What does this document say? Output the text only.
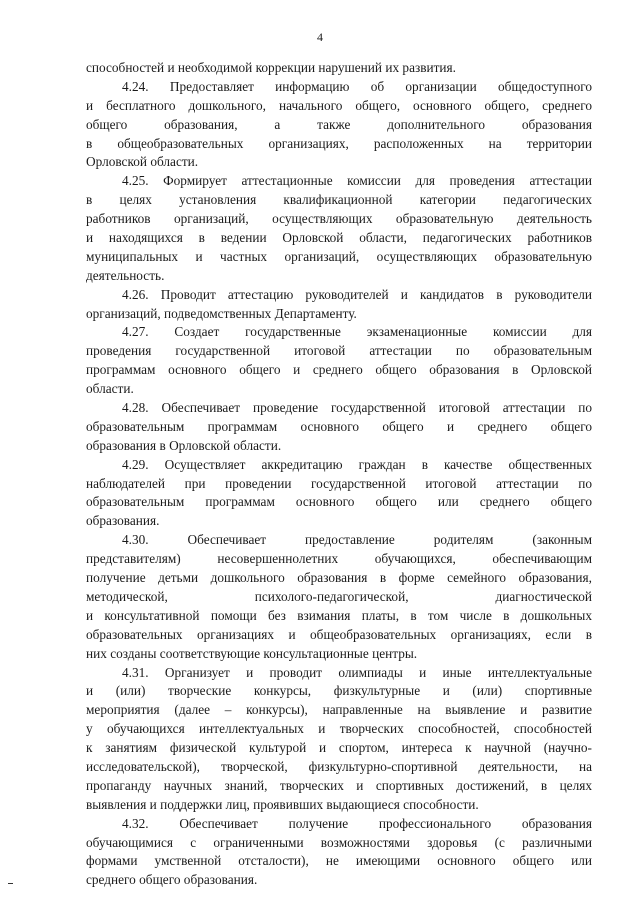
4
способностей и необходимой коррекции нарушений их развития.
4.24. Предоставляет информацию об организации общедоступного
и бесплатного дошкольного, начального общего, основного общего, среднего
общего образования, а также дополнительного образования
в общеобразовательных организациях, расположенных на территории
Орловской области.
4.25. Формирует аттестационные комиссии для проведения аттестации
в целях установления квалификационной категории педагогических
работников организаций, осуществляющих образовательную деятельность
и находящихся в ведении Орловской области, педагогических работников
муниципальных и частных организаций, осуществляющих образовательную
деятельность.
4.26. Проводит аттестацию руководителей и кандидатов в руководители
организаций, подведомственных Департаменту.
4.27. Создает государственные экзаменационные комиссии для
проведения государственной итоговой аттестации по образовательным
программам основного общего и среднего общего образования в Орловской
области.
4.28. Обеспечивает проведение государственной итоговой аттестации по
образовательным программам основного общего и среднего общего
образования в Орловской области.
4.29. Осуществляет аккредитацию граждан в качестве общественных
наблюдателей при проведении государственной итоговой аттестации по
образовательным программам основного общего или среднего общего
образования.
4.30. Обеспечивает предоставление родителям (законным
представителям) несовершеннолетних обучающихся, обеспечивающим
получение детьми дошкольного образования в форме семейного образования,
методической, психолого-педагогической, диагностической
и консультативной помощи без взимания платы, в том числе в дошкольных
образовательных организациях и общеобразовательных организациях, если в
них созданы соответствующие консультационные центры.
4.31. Организует и проводит олимпиады и иные интеллектуальные
и (или) творческие конкурсы, физкультурные и (или) спортивные
мероприятия (далее – конкурсы), направленные на выявление и развитие
у обучающихся интеллектуальных и творческих способностей, способностей
к занятиям физической культурой и спортом, интереса к научной (научно-
исследовательской), творческой, физкультурно-спортивной деятельности, на
пропаганду научных знаний, творческих и спортивных достижений, в целях
выявления и поддержки лиц, проявивших выдающиеся способности.
4.32. Обеспечивает получение профессионального образования
обучающимися с ограниченными возможностями здоровья (с различными
формами умственной отсталости), не имеющими основного общего или
среднего общего образования.
